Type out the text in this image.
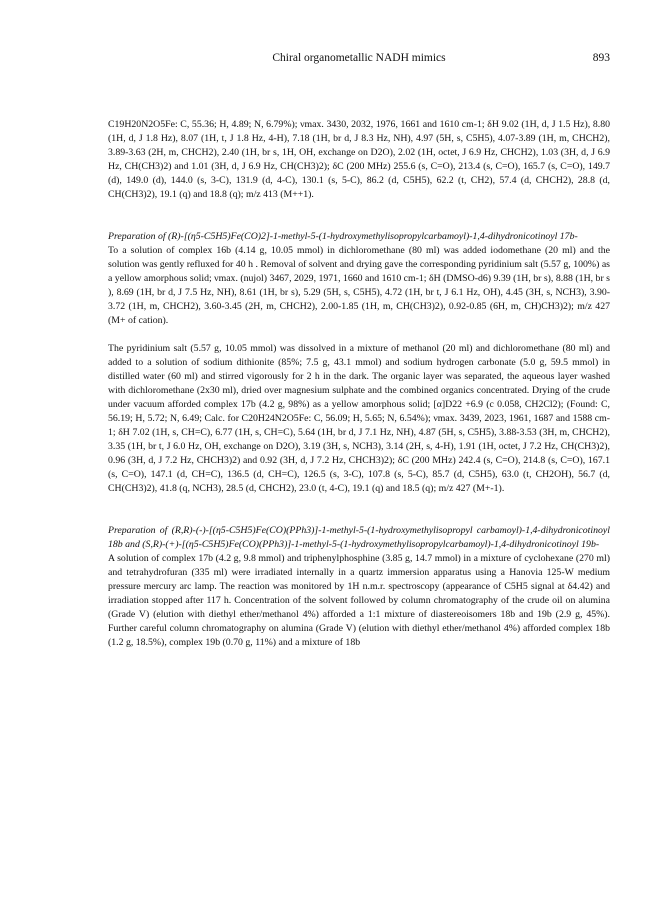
Chiral organometallic NADH mimics	893

C19H20N2O5Fe: C, 55.36; H, 4.89; N, 6.79%); νmax. 3430, 2032, 1976, 1661 and 1610 cm-1; δH 9.02 (1H, d, J 1.5 Hz), 8.80 (1H, d, J 1.8 Hz), 8.07 (1H, t, J 1.8 Hz, 4-H), 7.18 (1H, br d, J 8.3 Hz, NH), 4.97 (5H, s, C5H5), 4.07-3.89 (1H, m, CHCH2), 3.89-3.63 (2H, m, CHCH2), 2.40 (1H, br s, 1H, OH, exchange on D2O), 2.02 (1H, octet, J 6.9 Hz, CHCH2), 1.03 (3H, d, J 6.9 Hz, CH(CH3)2) and 1.01 (3H, d, J 6.9 Hz, CH(CH3)2); δC (200 MHz) 255.6 (s, C=O), 213.4 (s, C=O), 165.7 (s, C=O), 149.7 (d), 149.0 (d), 144.0 (s, 3-C), 131.9 (d, 4-C), 130.1 (s, 5-C), 86.2 (d, C5H5), 62.2 (t, CH2), 57.4 (d, CHCH2), 28.8 (d, CH(CH3)2), 19.1 (q) and 18.8 (q); m/z 413 (M++1).

Preparation of (R)-[(η5-C5H5)Fe(CO)2]-1-methyl-5-(1-hydroxymethylisopropylcarbamoyl)-1,4-dihydronicotinoyl 17b-
To a solution of complex 16b (4.14 g, 10.05 mmol) in dichloromethane (80 ml) was added iodomethane (20 ml) and the solution was gently refluxed for 40 h . Removal of solvent and drying gave the corresponding pyridinium salt (5.57 g, 100%) as a yellow amorphous solid; νmax. (nujol) 3467, 2029, 1971, 1660 and 1610 cm-1; δH (DMSO-d6) 9.39 (1H, br s), 8.88 (1H, br s ), 8.69 (1H, br d, J 7.5 Hz, NH), 8.61 (1H, br s), 5.29 (5H, s, C5H5), 4.72 (1H, br t, J 6.1 Hz, OH), 4.45 (3H, s, NCH3), 3.90-3.72 (1H, m, CHCH2), 3.60-3.45 (2H, m, CHCH2), 2.00-1.85 (1H, m, CH(CH3)2), 0.92-0.85 (6H, m, CH)CH3)2); m/z 427 (M+ of cation).

The pyridinium salt (5.57 g, 10.05 mmol) was dissolved in a mixture of methanol (20 ml) and dichloromethane (80 ml) and added to a solution of sodium dithionite (85%; 7.5 g, 43.1 mmol) and sodium hydrogen carbonate (5.0 g, 59.5 mmol) in distilled water (60 ml) and stirred vigorously for 2 h in the dark. The organic layer was separated, the aqueous layer washed with dichloromethane (2x30 ml), dried over magnesium sulphate and the combined organics concentrated. Drying of the crude under vacuum afforded complex 17b (4.2 g, 98%) as a yellow amorphous solid; [α]D22 +6.9 (c 0.058, CH2Cl2); (Found: C, 56.19; H, 5.72; N, 6.49; Calc. for C20H24N2O5Fe: C, 56.09; H, 5.65; N, 6.54%); νmax. 3439, 2023, 1961, 1687 and 1588 cm-1; δH 7.02 (1H, s, CH=C), 6.77 (1H, s, CH=C), 5.64 (1H, br d, J 7.1 Hz, NH), 4.87 (5H, s, C5H5), 3.88-3.53 (3H, m, CHCH2), 3.35 (1H, br t, J 6.0 Hz, OH, exchange on D2O), 3.19 (3H, s, NCH3), 3.14 (2H, s, 4-H), 1.91 (1H, octet, J 7.2 Hz, CH(CH3)2), 0.96 (3H, d, J 7.2 Hz, CHCH3)2) and 0.92 (3H, d, J 7.2 Hz, CHCH3)2); δC (200 MHz) 242.4 (s, C=O), 214.8 (s, C=O), 167.1 (s, C=O), 147.1 (d, CH=C), 136.5 (d, CH=C), 126.5 (s, 3-C), 107.8 (s, 5-C), 85.7 (d, C5H5), 63.0 (t, CH2OH), 56.7 (d, CH(CH3)2), 41.8 (q, NCH3), 28.5 (d, CHCH2), 23.0 (t, 4-C), 19.1 (q) and 18.5 (q); m/z 427 (M+-1).

Preparation of (R,R)-(-)-[(η5-C5H5)Fe(CO)(PPh3)]-1-methyl-5-(1-hydroxymethylisopropyl carbamoyl)-1,4-dihydronicotinoyl 18b and (S,R)-(+)-[(η5-C5H5)Fe(CO)(PPh3)]-1-methyl-5-(1-hydroxymethylisopropylcarbamoyl)-1,4-dihydronicotinoyl 19b-
A solution of complex 17b (4.2 g, 9.8 mmol) and triphenylphosphine (3.85 g, 14.7 mmol) in a mixture of cyclohexane (270 ml) and tetrahydrofuran (335 ml) were irradiated internally in a quartz immersion apparatus using a Hanovia 125-W medium pressure mercury arc lamp. The reaction was monitored by 1H n.m.r. spectroscopy (appearance of C5H5 signal at δ4.42) and irradiation stopped after 117 h. Concentration of the solvent followed by column chromatography of the crude oil on alumina (Grade V) (elution with diethyl ether/methanol 4%) afforded a 1:1 mixture of diastereoisomers 18b and 19b (2.9 g, 45%). Further careful column chromatography on alumina (Grade V) (elution with diethyl ether/methanol 4%) afforded complex 18b (1.2 g, 18.5%), complex 19b (0.70 g, 11%) and a mixture of 18b
